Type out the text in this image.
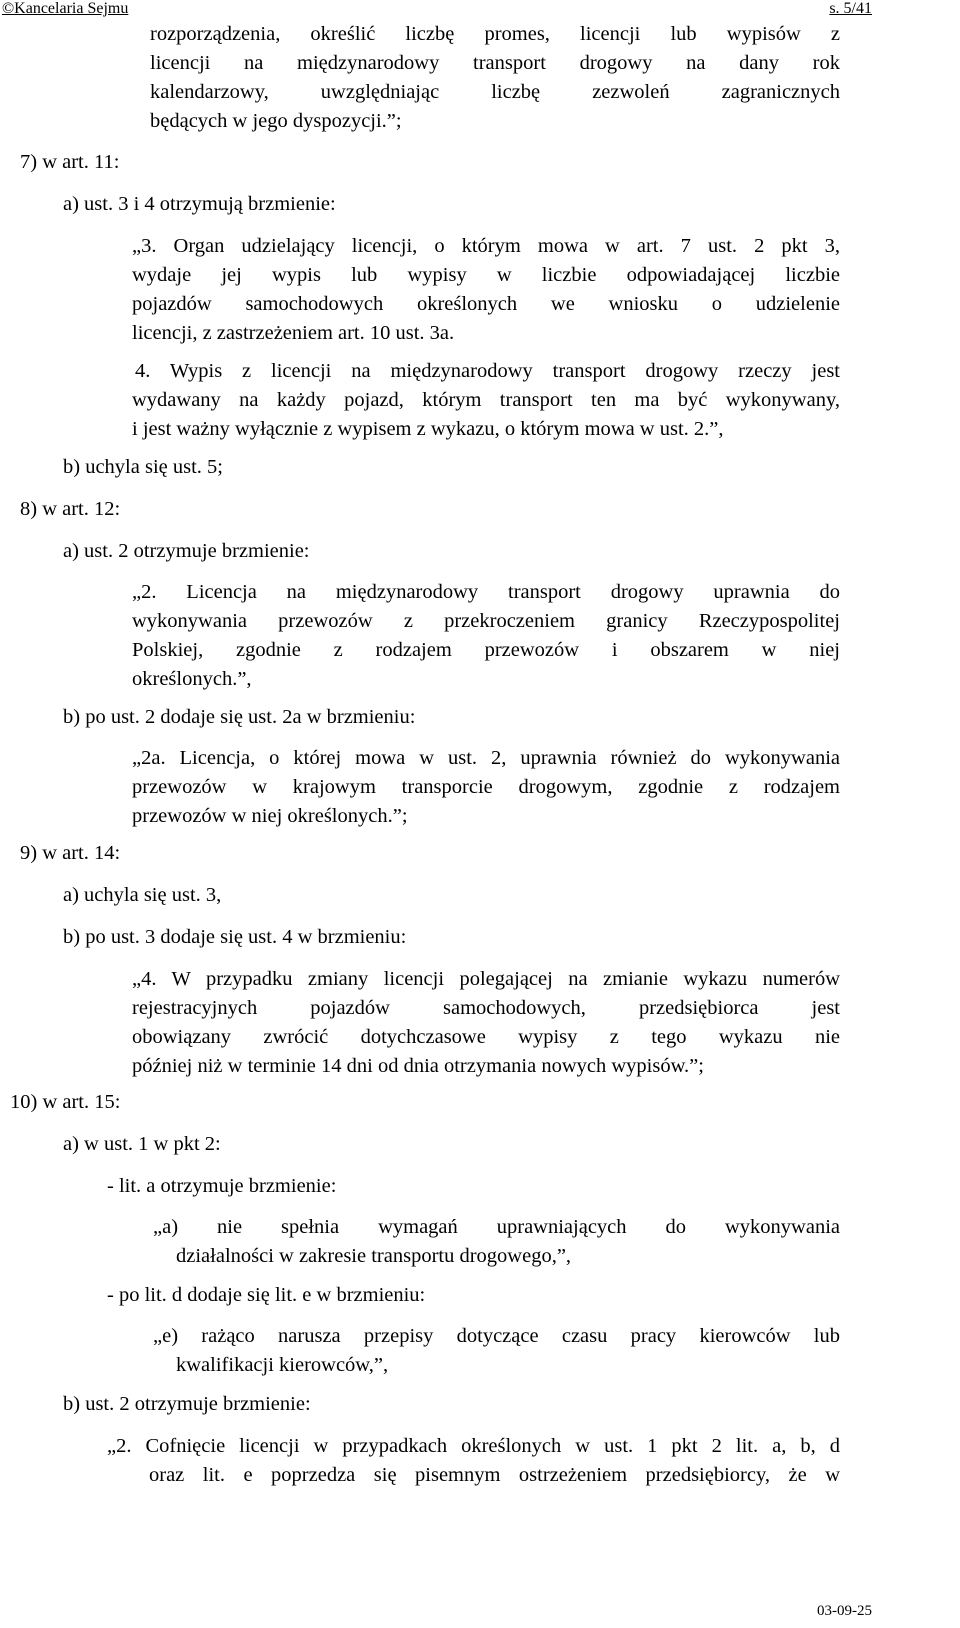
©Kancelaria Sejmu	s. 5/41
rozporządzenia, określić liczbę promes, licencji lub wypisów z
licencji na międzynarodowy transport drogowy na dany rok
kalendarzowy, uwzględniając liczbę zezwoleń zagranicznych
będących w jego dyspozycji.”;
7) w art. 11:
a) ust. 3 i 4 otrzymują brzmienie:
„3. Organ udzielający licencji, o którym mowa w art. 7 ust. 2 pkt 3,
wydaje jej wypis lub wypisy w liczbie odpowiadającej liczbie
pojazdów samochodowych określonych we wniosku o udzielenie
licencji, z zastrzeżeniem art. 10 ust. 3a.
4. Wypis z licencji na międzynarodowy transport drogowy rzeczy jest
wydawany na każdy pojazd, którym transport ten ma być wykonywany,
i jest ważny wyłącznie z wypisem z wykazu, o którym mowa w ust. 2.”,
b) uchyla się ust. 5;
8) w art. 12:
a) ust. 2 otrzymuje brzmienie:
„2. Licencja na międzynarodowy transport drogowy uprawnia do
wykonywania przewozów z przekroczeniem granicy Rzeczypospolitej
Polskiej, zgodnie z rodzajem przewozów i obszarem w niej
określonych.”,
b) po ust. 2 dodaje się ust. 2a w brzmieniu:
„2a. Licencja, o której mowa w ust. 2, uprawnia również do wykonywania
przewozów w krajowym transporcie drogowym, zgodnie z rodzajem
przewozów w niej określonych.”;
9) w art. 14:
a) uchyla się ust. 3,
b) po ust. 3 dodaje się ust. 4 w brzmieniu:
„4. W przypadku zmiany licencji polegającej na zmianie wykazu numerów
rejestracyjnych pojazdów samochodowych, przedsiębiorca jest
obowiązany zwrócić dotychczasowe wypisy z tego wykazu nie
później niż w terminie 14 dni od dnia otrzymania nowych wypisów.”;
10) w art. 15:
a) w ust. 1 w pkt 2:
- lit. a otrzymuje brzmienie:
„a) nie spełnia wymagań uprawniających do wykonywania
działalności w zakresie transportu drogowego,”,
- po lit. d dodaje się lit. e w brzmieniu:
„e) rażąco narusza przepisy dotyczące czasu pracy kierowców lub
kwalifikacji kierowców,”,
b) ust. 2 otrzymuje brzmienie:
„2. Cofnięcie licencji w przypadkach określonych w ust. 1 pkt 2 lit. a, b, d
oraz lit. e poprzedza się pisemnym ostrzeżeniem przedsiębiorcy, że w
03-09-25
